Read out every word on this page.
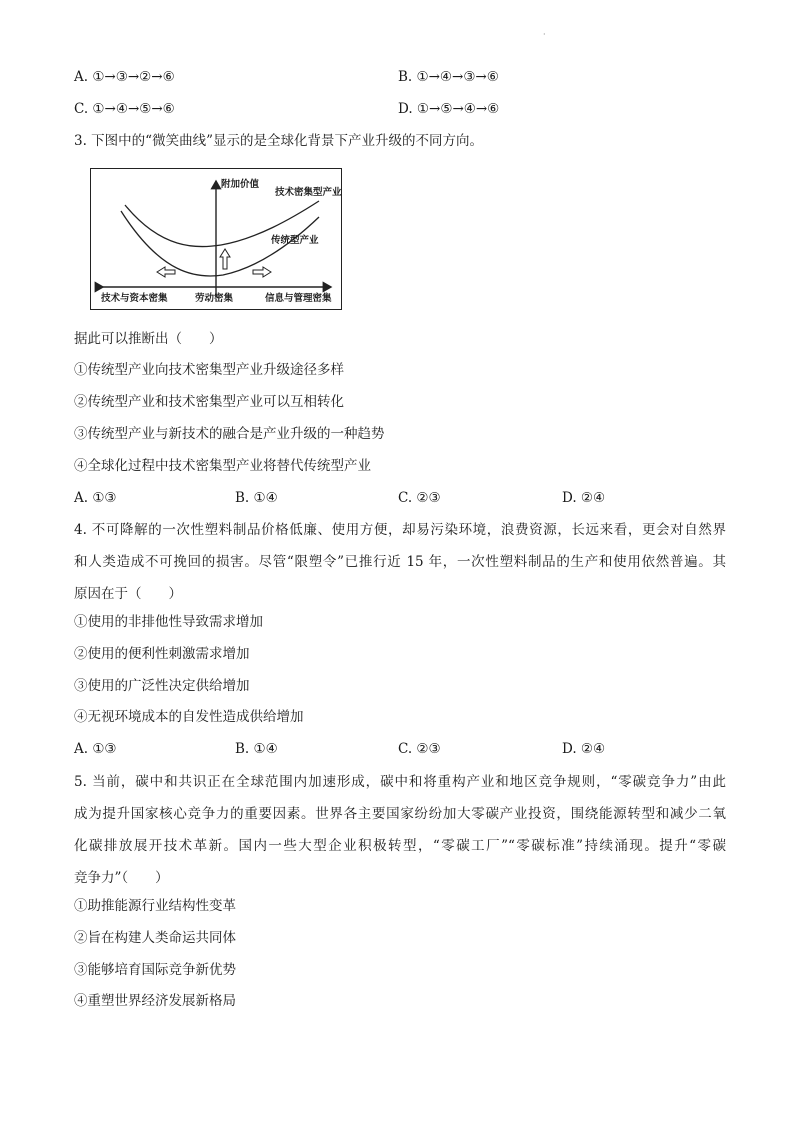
·
A. ①→③→②→⑥	B. ①→④→③→⑥
C. ①→④→⑤→⑥	D. ①→⑤→④→⑥
3. 下图中的“微笑曲线”显示的是全球化背景下产业升级的不同方向。
附加价值
技术密集型产业
传统型产业
技术与资本密集	劳动密集	信息与管理密集
据此可以推断出（　　）
①传统型产业向技术密集型产业升级途径多样
②传统型产业和技术密集型产业可以互相转化
③传统型产业与新技术的融合是产业升级的一种趋势
④全球化过程中技术密集型产业将替代传统型产业
A. ①③	B. ①④	C. ②③	D. ②④

4. 不可降解的一次性塑料制品价格低廉、使用方便，却易污染环境，浪费资源，长远来看，更会对自然界

和人类造成不可挽回的损害。尽管“限塑令”已推行近 15 年，一次性塑料制品的生产和使用依然普遍。其

原因在于（　　）

①使用的非排他性导致需求增加
②使用的便利性刺激需求增加
③使用的广泛性决定供给增加
④无视环境成本的自发性造成供给增加
A. ①③	B. ①④	C. ②③	D. ②④

5. 当前，碳中和共识正在全球范围内加速形成，碳中和将重构产业和地区竞争规则，“零碳竞争力”由此

成为提升国家核心竞争力的重要因素。世界各主要国家纷纷加大零碳产业投资，围绕能源转型和减少二氧

化碳排放展开技术革新。国内一些大型企业积极转型，“零碳工厂”“零碳标准”持续涌现。提升“零碳

竞争力”（　　）

①助推能源行业结构性变革
②旨在构建人类命运共同体
③能够培育国际竞争新优势
④重塑世界经济发展新格局
